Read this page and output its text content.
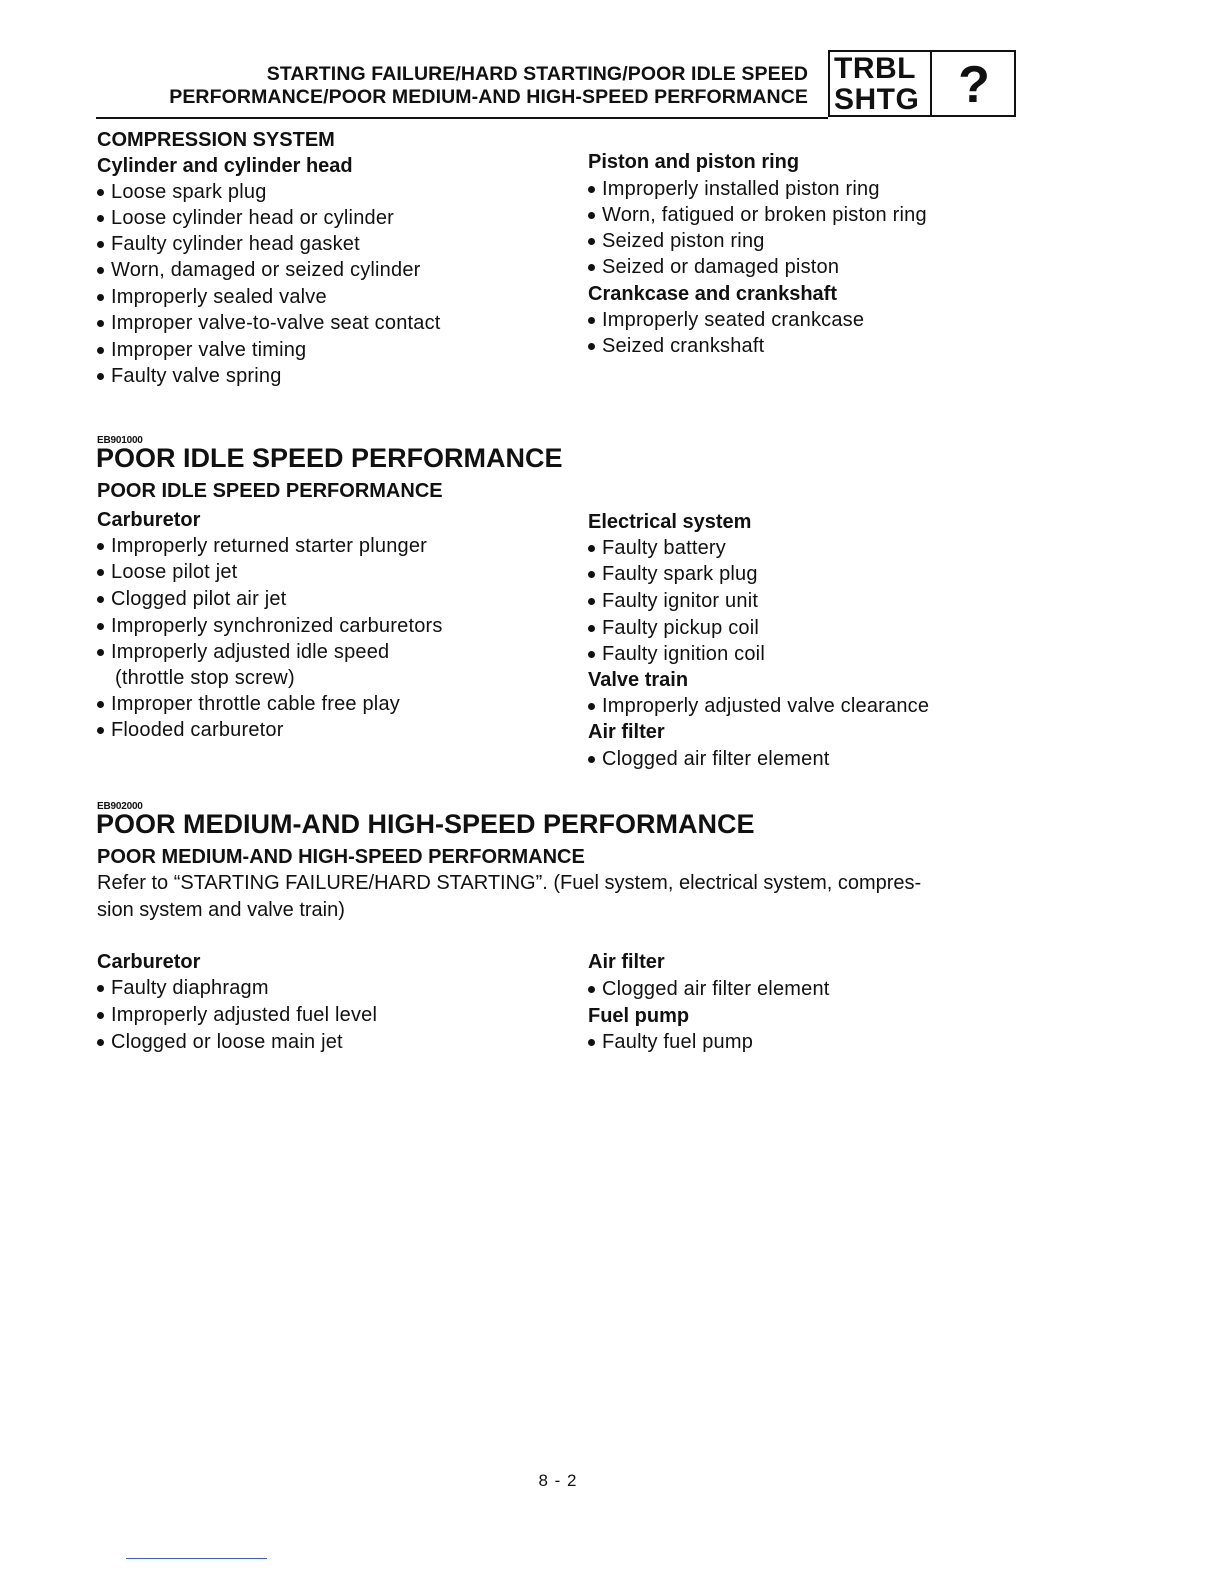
STARTING FAILURE/HARD STARTING/POOR IDLE SPEED
PERFORMANCE/POOR MEDIUM-AND HIGH-SPEED PERFORMANCE
TRBL
SHTG ?
COMPRESSION SYSTEM
Cylinder and cylinder head
Loose spark plug
Loose cylinder head or cylinder
Faulty cylinder head gasket
Worn, damaged or seized cylinder
Improperly sealed valve
Improper valve-to-valve seat contact
Improper valve timing
Faulty valve spring
Piston and piston ring
Improperly installed piston ring
Worn, fatigued or broken piston ring
Seized piston ring
Seized or damaged piston
Crankcase and crankshaft
Improperly seated crankcase
Seized crankshaft
EB901000
POOR IDLE SPEED PERFORMANCE
POOR IDLE SPEED PERFORMANCE
Carburetor
Improperly returned starter plunger
Loose pilot jet
Clogged pilot air jet
Improperly synchronized carburetors
Improperly adjusted idle speed
(throttle stop screw)
Improper throttle cable free play
Flooded carburetor
Electrical system
Faulty battery
Faulty spark plug
Faulty ignitor unit
Faulty pickup coil
Faulty ignition coil
Valve train
Improperly adjusted valve clearance
Air filter
Clogged air filter element
EB902000
POOR MEDIUM-AND HIGH-SPEED PERFORMANCE
POOR MEDIUM-AND HIGH-SPEED PERFORMANCE
Refer to “STARTING FAILURE/HARD STARTING”. (Fuel system, electrical system, compres-
sion system and valve train)
Carburetor
Faulty diaphragm
Improperly adjusted fuel level
Clogged or loose main jet
Air filter
Clogged air filter element
Fuel pump
Faulty fuel pump
8 - 2
